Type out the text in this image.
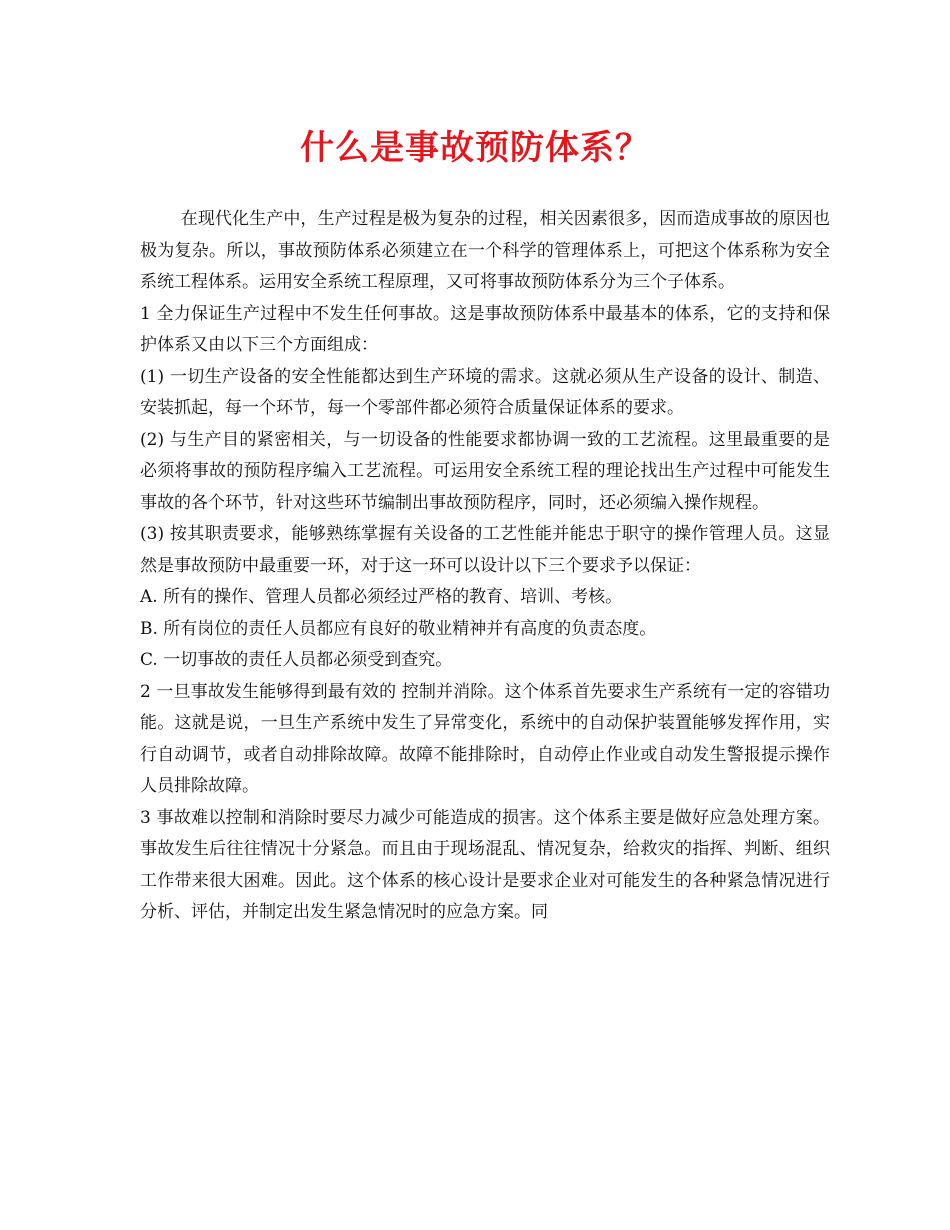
什么是事故预防体系？

在现代化生产中，生产过程是极为复杂的过程，相关因素很多，因而造成事故的原因也极为复杂。所以，事故预防体系必须建立在一个科学的管理体系上，可把这个体系称为安全系统工程体系。运用安全系统工程原理，又可将事故预防体系分为三个子体系。

1 全力保证生产过程中不发生任何事故。这是事故预防体系中最基本的体系，它的支持和保护体系又由以下三个方面组成：

(1) 一切生产设备的安全性能都达到生产环境的需求。这就必须从生产设备的设计、制造、安装抓起，每一个环节，每一个零部件都必须符合质量保证体系的要求。

(2) 与生产目的紧密相关，与一切设备的性能要求都协调一致的工艺流程。这里最重要的是必须将事故的预防程序编入工艺流程。可运用安全系统工程的理论找出生产过程中可能发生事故的各个环节，针对这些环节编制出事故预防程序，同时，还必须编入操作规程。

(3) 按其职责要求，能够熟练掌握有关设备的工艺性能并能忠于职守的操作管理人员。这显然是事故预防中最重要一环，对于这一环可以设计以下三个要求予以保证：

A. 所有的操作、管理人员都必须经过严格的教育、培训、考核。

B. 所有岗位的责任人员都应有良好的敬业精神并有高度的负责态度。

C. 一切事故的责任人员都必须受到查究。

2 一旦事故发生能够得到最有效的 控制并消除。这个体系首先要求生产系统有一定的容错功能。这就是说，一旦生产系统中发生了异常变化，系统中的自动保护装置能够发挥作用，实行自动调节，或者自动排除故障。故障不能排除时，自动停止作业或自动发生警报提示操作人员排除故障。

3 事故难以控制和消除时要尽力减少可能造成的损害。这个体系主要是做好应急处理方案。事故发生后往往情况十分紧急。而且由于现场混乱、情况复杂，给救灾的指挥、判断、组织工作带来很大困难。因此。这个体系的核心设计是要求企业对可能发生的各种紧急情况进行分析、评估，并制定出发生紧急情况时的应急方案。同
